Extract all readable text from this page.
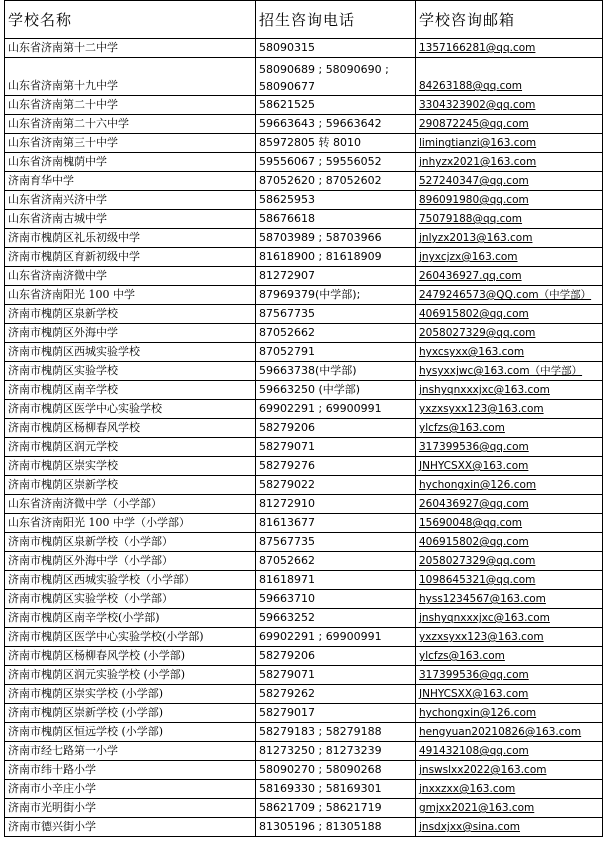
学校名称	招生咨询电话	学校咨询邮箱
山东省济南第十二中学	58090315	1357166281@qq.com
山东省济南第十九中学	58090689 ; 58090690 ; 58090677	84263188@qq.com
山东省济南第二十中学	58621525	3304323902@qq.com
山东省济南第二十六中学	59663643 ; 59663642	290872245@qq.com
山东省济南第三十中学	85972805 转 8010	limingtianzi@163.com
山东省济南槐荫中学	59556067 ; 59556052	jnhyzx2021@163.com
济南育华中学	87052620 ; 87052602	527240347@qq.com
山东省济南兴济中学	58625953	896091980@qq.com
山东省济南古城中学	58676618	75079188@qq.com
济南市槐荫区礼乐初级中学	58703989 ; 58703966	jnlyzx2013@163.com
济南市槐荫区育新初级中学	81618900 ; 81618909	jnyxcjzx@163.com
山东省济南济微中学	81272907	260436927.qq.com
山东省济南阳光 100 中学	87969379(中学部);	2479246573@QQ.com（中学部）
济南市槐荫区泉新学校	87567735	406915802@qq.com
济南市槐荫区外海中学	87052662	2058027329@qq.com
济南市槐荫区西城实验学校	87052791	hyxcsyxx@163.com
济南市槐荫区实验学校	59663738(中学部)	hysyxxjwc@163.com（中学部）
济南市槐荫区南辛学校	59663250 (中学部)	jnshyqnxxxjxc@163.com
济南市槐荫区医学中心实验学校	69902291 ; 69900991	yxzxsyxx123@163.com
济南市槐荫区杨柳春风学校	58279206	ylcfzs@163.com
济南市槐荫区润元学校	58279071	317399536@qq.com
济南市槐荫区崇实学校	58279276	JNHYCSXX@163.com
济南市槐荫区崇新学校	58279022	hychongxin@126.com
山东省济南济微中学（小学部）	81272910	260436927@qq.com
山东省济南阳光 100 中学（小学部）	81613677	15690048@qq.com
济南市槐荫区泉新学校（小学部）	87567735	406915802@qq.com
济南市槐荫区外海中学（小学部）	87052662	2058027329@qq.com
济南市槐荫区西城实验学校（小学部）	81618971	1098645321@qq.com
济南市槐荫区实验学校（小学部）	59663710	hyss1234567@163.com
济南市槐荫区南辛学校(小学部)	59663252	jnshyqnxxxjxc@163.com
济南市槐荫区医学中心实验学校(小学部)	69902291 ; 69900991	yxzxsyxx123@163.com
济南市槐荫区杨柳春风学校 (小学部)	58279206	ylcfzs@163.com
济南市槐荫区润元实验学校 (小学部)	58279071	317399536@qq.com
济南市槐荫区崇实学校 (小学部)	58279262	JNHYCSXX@163.com
济南市槐荫区崇新学校 (小学部)	58279017	hychongxin@126.com
济南市槐荫区恒远学校 (小学部)	58279183 ; 58279188	hengyuan20210826@163.com
济南市经七路第一小学	81273250 ; 81273239	491432108@qq.com
济南市纬十路小学	58090270 ; 58090268	jnswslxx2022@163.com
济南市小辛庄小学	58169330 ; 58169301	jnxxzxx@163.com
济南市光明街小学	58621709 ; 58621719	gmjxx2021@163.com
济南市德兴街小学	81305196 ; 81305188	jnsdxjxx@sina.com
